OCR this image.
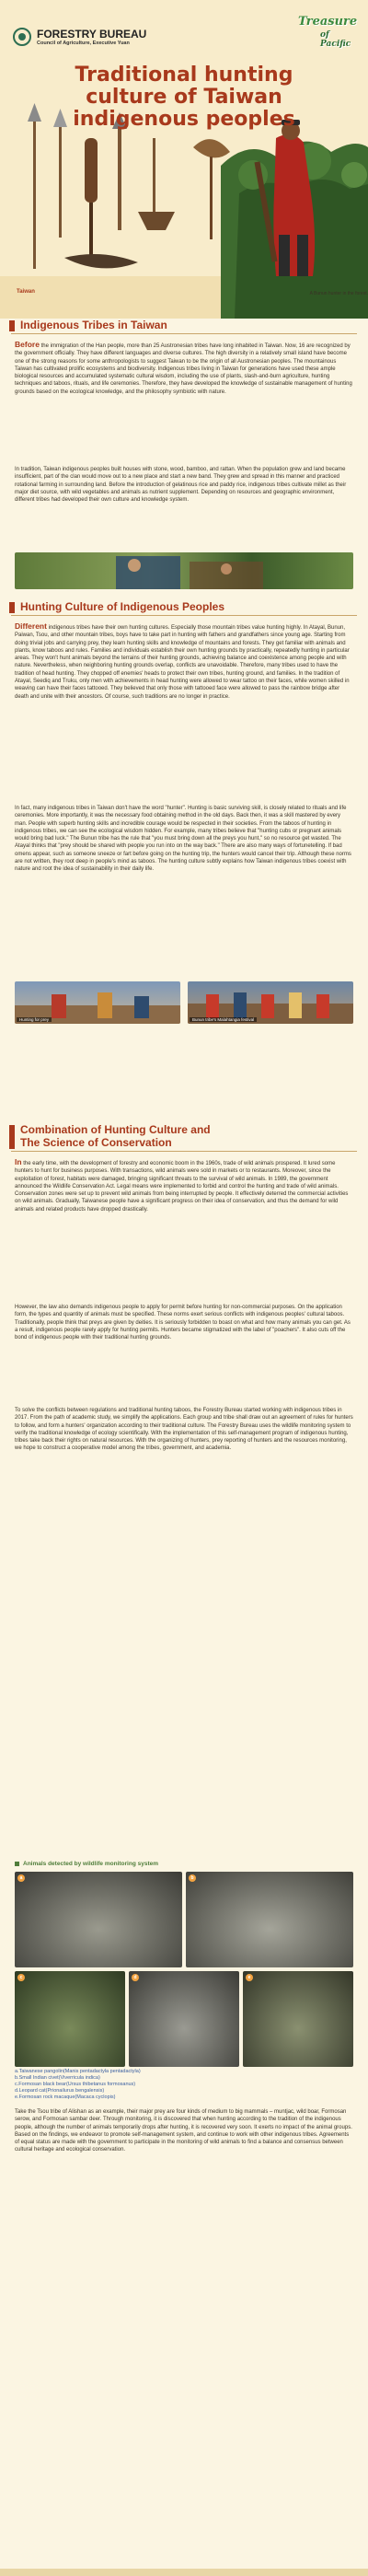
FORESTRY BUREAU
Council of Agriculture, Executive Yuan
Treasure
of Pacific
Traditional hunting
culture of Taiwan
indigenous peoples
Taiwan	A Bunun hunter in the forest.
Indigenous Tribes in Taiwan
Before the immigration of the Han people, more than 25 Austronesian tribes have long inhabited in Taiwan. Now, 16 are recognized by the government officially. They have different languages and diverse cultures. The high diversity in a relatively small island have become one of the strong reasons for some anthropologists to suggest Taiwan to be the origin of all Austronesian peoples. The mountainous Taiwan has cultivated prolific ecosystems and biodiversity. Indigenous tribes living in Taiwan for generations have used these ample biological resources and accumulated systematic cultural wisdom, including the use of plants, slash-and-burn agriculture, hunting techniques and taboos, rituals, and life ceremonies. Therefore, they have developed the knowledge of sustainable management of hunting grounds based on the ecological knowledge, and the philosophy symbiotic with nature.
In tradition, Taiwan indigenous peoples built houses with stone, wood, bamboo, and rattan. When the population grew and land became insufficient, part of the clan would move out to a new place and start a new band. They grew and spread in this manner and practiced rotational farming in surrounding land. Before the introduction of gelatinous rice and paddy rice, indigenous tribes cultivate millet as their major diet source, with wild vegetables and animals as nutrient supplement. Depending on resources and geographic environment, different tribes had developed their own culture and knowledge system.
Hunting Culture of Indigenous Peoples
Different indigenous tribes have their own hunting cultures. Especially those mountain tribes value hunting highly. In Atayal, Bunun, Paiwan, Tsou, and other mountain tribes, boys have to take part in hunting with fathers and grandfathers since young age. Starting from doing trivial jobs and carrying prey, they learn hunting skills and knowledge of mountains and forests. They get familiar with animals and plants, know taboos and rules. Families and individuals establish their own hunting grounds by practically, repeatedly hunting in particular areas. They won't hunt animals beyond the terrains of their hunting grounds, achieving balance and coexistence among people and with nature. Nevertheless, when neighboring hunting grounds overlap, conflicts are unavoidable. Therefore, many tribes used to have the tradition of head hunting. They chopped off enemies' heads to protect their own tribes, hunting ground, and families. In the tradition of Atayal, Seediq and Truku, only men with achievements in head hunting were allowed to wear tattoo on their faces, while women skilled in weaving can have their faces tattooed. They believed that only those with tattooed face were allowed to pass the rainbow bridge after death and unite with their ancestors. Of course, such traditions are no longer in practice.
In fact, many indigenous tribes in Taiwan don't have the word "hunter". Hunting is basic surviving skill, is closely related to rituals and life ceremonies. More importantly, it was the necessary food obtaining method in the old days. Back then, it was a skill mastered by every man. People with superb hunting skills and incredible courage would be respected in their societies. From the taboos of hunting in indigenous tribes, we can see the ecological wisdom hidden. For example, many tribes believe that "hunting cubs or pregnant animals would bring bad luck." The Bunun tribe has the rule that "you must bring down all the preys you hunt," so no resource get wasted. The Atayal thinks that "prey should be shared with people you run into on the way back." There are also many ways of fortunetelling. If bad omens appear, such as someone sneeze or fart before going on the hunting trip, the hunters would cancel their trip. Although these norms are not written, they root deep in people's mind as taboos. The hunting culture subtly explains how Taiwan indigenous tribes coexist with nature and root the idea of sustainability in their daily life.
Hunting for prey	Bunun tribe's Malahtangia festival
Combination of Hunting Culture and
The Science of Conservation
In the early time, with the development of forestry and economic boom in the 1960s, trade of wild animals prospered. It lured some hunters to hunt for business purposes. With transactions, wild animals were sold in markets or to restaurants. Moreover, since the exploitation of forest, habitats were damaged, bringing significant threats to the survival of wild animals. In 1989, the government announced the Wildlife Conservation Act. Legal means were implemented to forbid and control the hunting and trade of wild animals. Conservation zones were set up to prevent wild animals from being interrupted by people. It effectively deterred the commercial activities on wild animals. Gradually, Taiwanese people have a significant progress on their idea of conservation, and thus the demand for wild animals and related products have dropped drastically.
However, the law also demands indigenous people to apply for permit before hunting for non-commercial purposes. On the application form, the types and quantity of animals must be specified. These norms exert serious conflicts with indigenous peoples' cultural taboos. Traditionally, people think that preys are given by deities. It is seriously forbidden to boast on what and how many animals you can get. As a result, indigenous people rarely apply for hunting permits. Hunters became stigmatized with the label of "poachers". It also cuts off the bond of indigenous people with their traditional hunting grounds.
To solve the conflicts between regulations and traditional hunting taboos, the Forestry Bureau started working with indigenous tribes in 2017. From the path of academic study, we simplify the applications. Each group and tribe shall draw out an agreement of rules for hunters to follow, and form a hunters' organization according to their traditional culture. The Forestry Bureau uses the wildlife monitoring system to verify the traditional knowledge of ecology scientifically. With the implementation of this self-management program of indigenous hunting, tribes take back their rights on natural resources. With the organizing of hunters, prey reporting of hunters and the resources monitoring, we hope to construct a cooperative model among the tribes, government, and academia.
Animals detected by wildlife monitoring system
a	b
c	d	e
a.Taiwanese pangolin(Manis pentadactyla pentadactyla)
b.Small Indian civet(Viverricula indica)
c.Formosan black bear(Ursus thibetanus formosanus)
d.Leopard cat(Prionailurus bengalensis)
e.Formosan rock macaque(Macaca cyclopis)
Take the Tsou tribe of Alishan as an example, their major prey are four kinds of medium to big mammals – muntjac, wild boar, Formosan serow, and Formosan sambar deer. Through monitoring, it is discovered that when hunting according to the tradition of the indigenous people, although the number of animals temporarily drops after hunting, it is recovered very soon. It exerts no impact of the animal groups. Based on the findings, we endeavor to promote self-management system, and continue to work with other indigenous tribes. Agreements of equal status are made with the government to participate in the monitoring of wild animals to find a balance and consensus between cultural heritage and ecological conservation.
